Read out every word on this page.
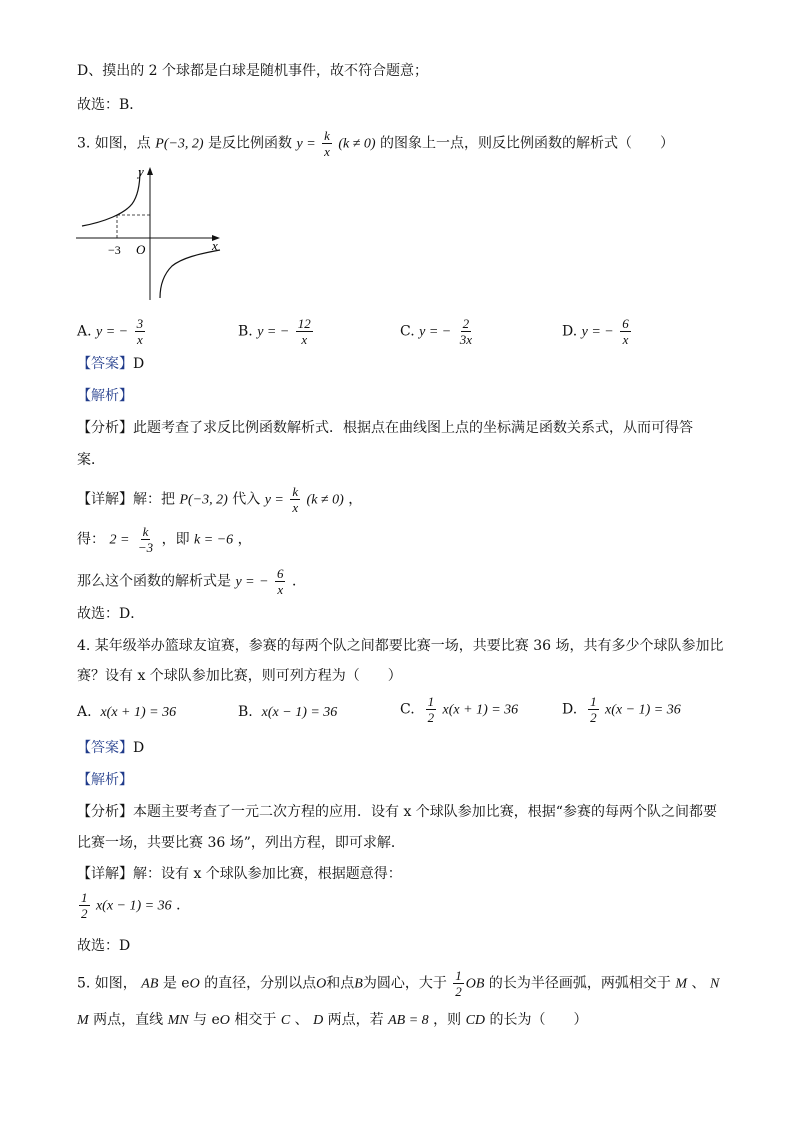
D、摸出的 2 个球都是白球是随机事件，故不符合题意；
故选：B．
3. 如图，点 P(−3, 2) 是反比例函数 $y = \frac{k}{x} (k \ne 0)$ 的图象上一点，则反比例函数的解析式（　　）
y
x
O
−3
A. y = − $\frac{3}{x}$	B. y = − $\frac{12}{x}$	C. y = − $\frac{2}{3x}$	D. y = − $\frac{6}{x}$
【答案】D
【解析】
【分析】此题考查了求反比例函数解析式．根据点在曲线图上点的坐标满足函数关系式，从而可得答
案．
【详解】解：把 P(−3, 2) 代入 $y = \frac{k}{x} (k \ne 0)$ ，
得： $2 = \frac{k}{-3}$ ，即 k = −6 ，
那么这个函数的解析式是 y = − $\frac{6}{x}$ ．
故选：D．
4. 某年级举办篮球友谊赛，参赛的每两个队之间都要比赛一场，共要比赛 36 场，共有多少个球队参加比
赛？设有 x 个球队参加比赛，则可列方程为（　　）
A. x(x + 1) = 36	B. x(x − 1) = 36	C. $\frac{1}{2} x(x + 1) = 36$	D. $\frac{1}{2} x(x - 1) = 36$
【答案】D
【解析】
【分析】本题主要考查了一元二次方程的应用．设有 x 个球队参加比赛，根据“参赛的每两个队之间都要
比赛一场，共要比赛 36 场”，列出方程，即可求解．
【详解】解：设有 x 个球队参加比赛，根据题意得：
$\frac{1}{2} x(x - 1) = 36$ ．
故选：D
5. 如图， AB 是 eO 的直径，分别以点O和点B为圆心，大于 $\frac{1}{2}$ OB 的长为半径画弧，两弧相交于 M 、 N
M 两点，直线 MN 与 eO 相交于 C 、 D 两点，若 AB = 8 ，则 CD 的长为（　　）
